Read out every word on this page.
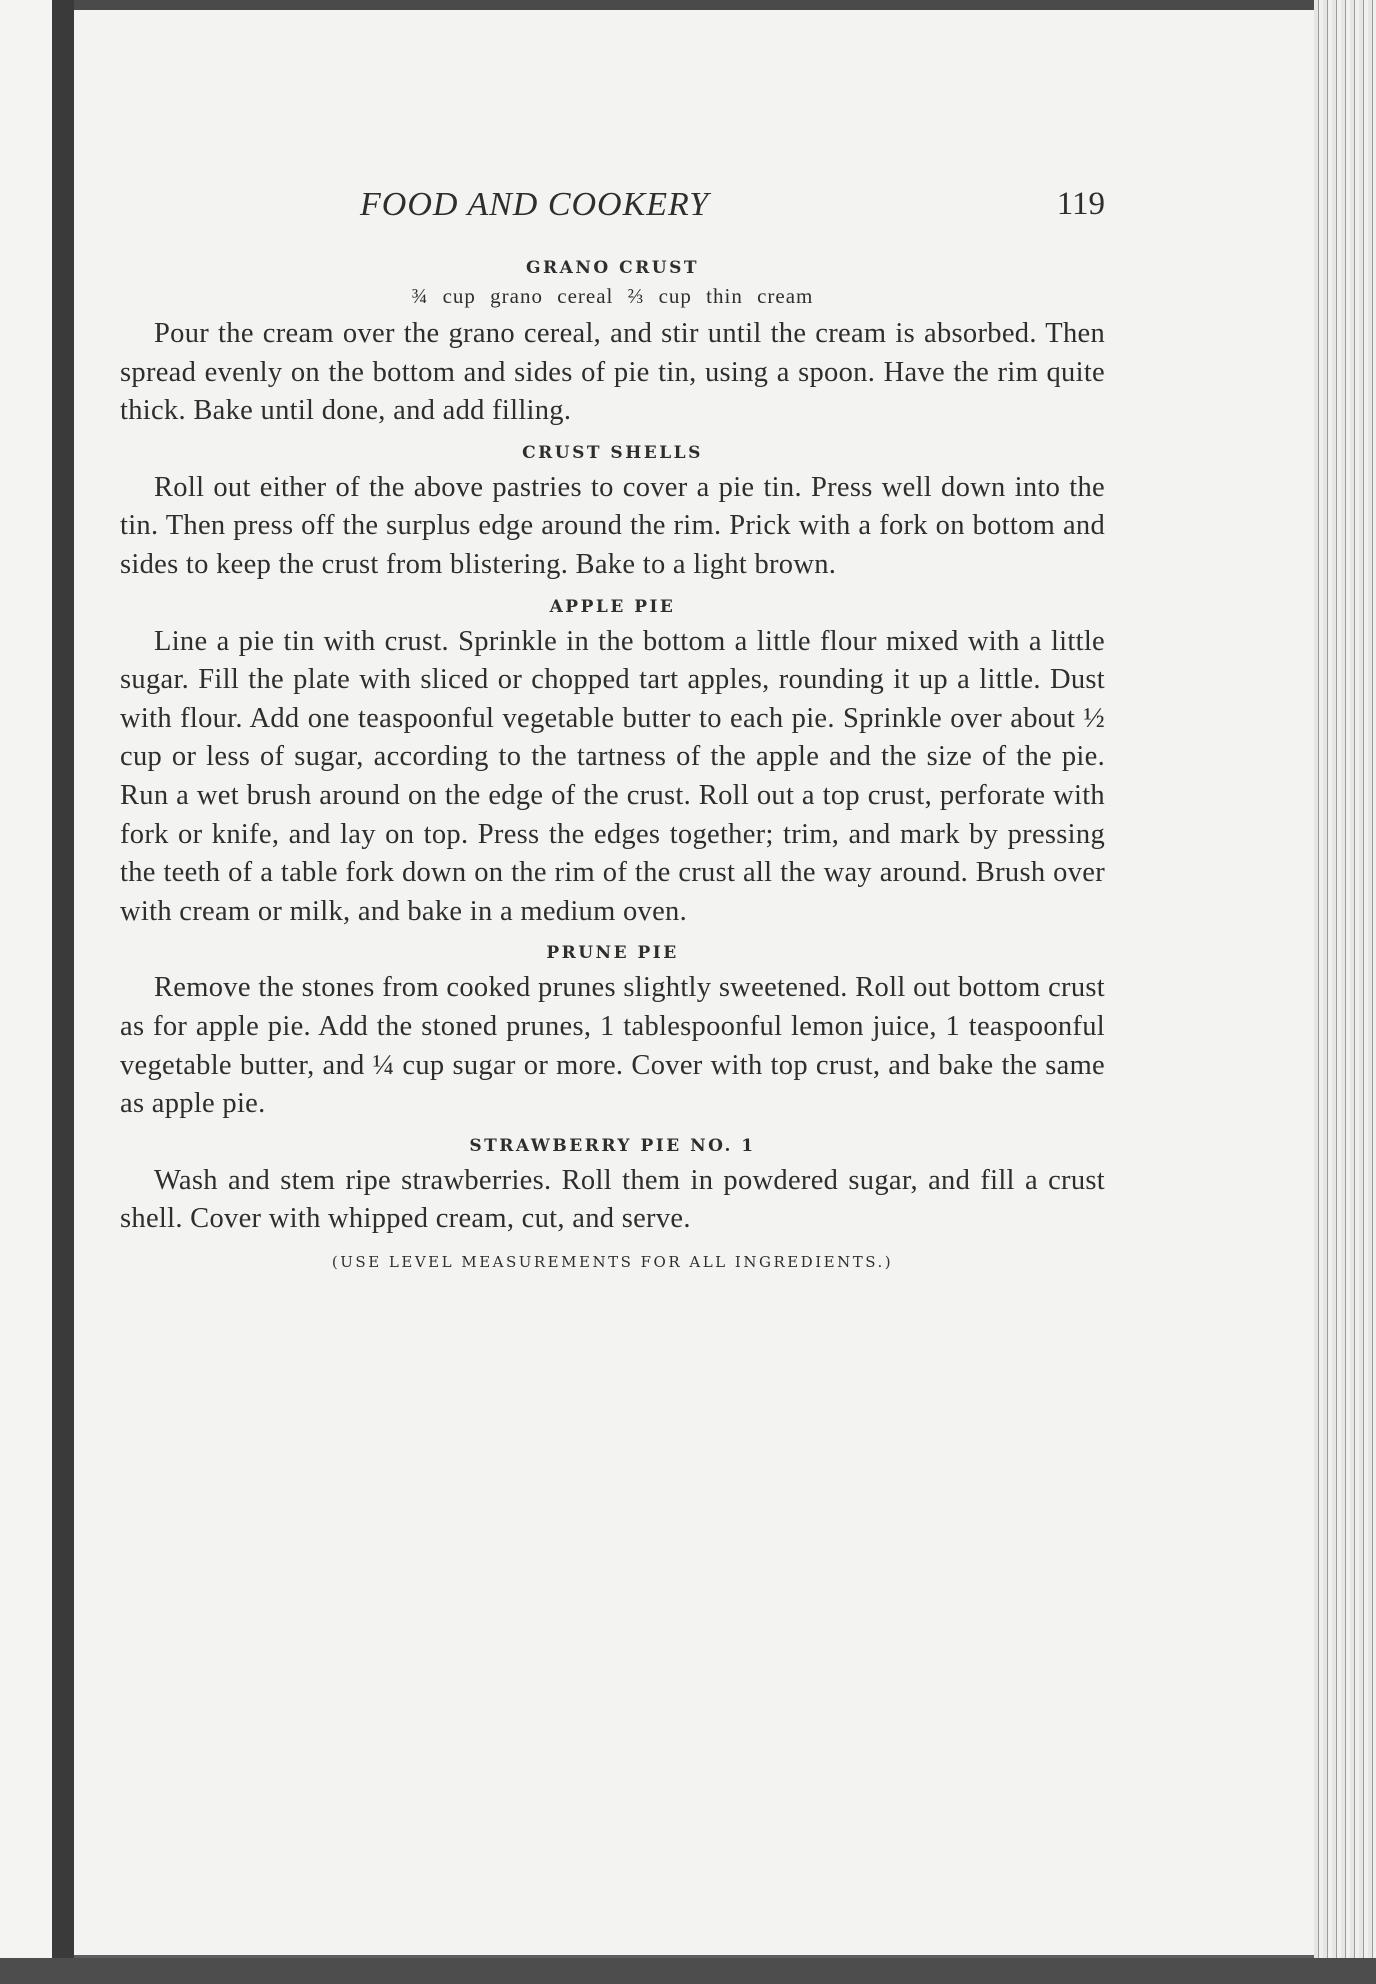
FOOD AND COOKERY	119
GRANO CRUST
¾ cup grano cereal ⅔ cup thin cream

Pour the cream over the grano cereal, and stir until the cream is absorbed. Then spread evenly on the bottom and sides of pie tin, using a spoon. Have the rim quite thick. Bake until done, and add filling.

CRUST SHELLS

Roll out either of the above pastries to cover a pie tin. Press well down into the tin. Then press off the surplus edge around the rim. Prick with a fork on bottom and sides to keep the crust from blistering. Bake to a light brown.

APPLE PIE

Line a pie tin with crust. Sprinkle in the bottom a little flour mixed with a little sugar. Fill the plate with sliced or chopped tart apples, rounding it up a little. Dust with flour. Add one teaspoonful vegetable butter to each pie. Sprinkle over about ½ cup or less of sugar, according to the tartness of the apple and the size of the pie. Run a wet brush around on the edge of the crust. Roll out a top crust, perforate with fork or knife, and lay on top. Press the edges together; trim, and mark by pressing the teeth of a table fork down on the rim of the crust all the way around. Brush over with cream or milk, and bake in a medium oven.

PRUNE PIE

Remove the stones from cooked prunes slightly sweetened. Roll out bottom crust as for apple pie. Add the stoned prunes, 1 tablespoonful lemon juice, 1 teaspoonful vegetable butter, and ¼ cup sugar or more. Cover with top crust, and bake the same as apple pie.

STRAWBERRY PIE NO. 1

Wash and stem ripe strawberries. Roll them in powdered sugar, and fill a crust shell. Cover with whipped cream, cut, and serve.

(USE LEVEL MEASUREMENTS FOR ALL INGREDIENTS.)
